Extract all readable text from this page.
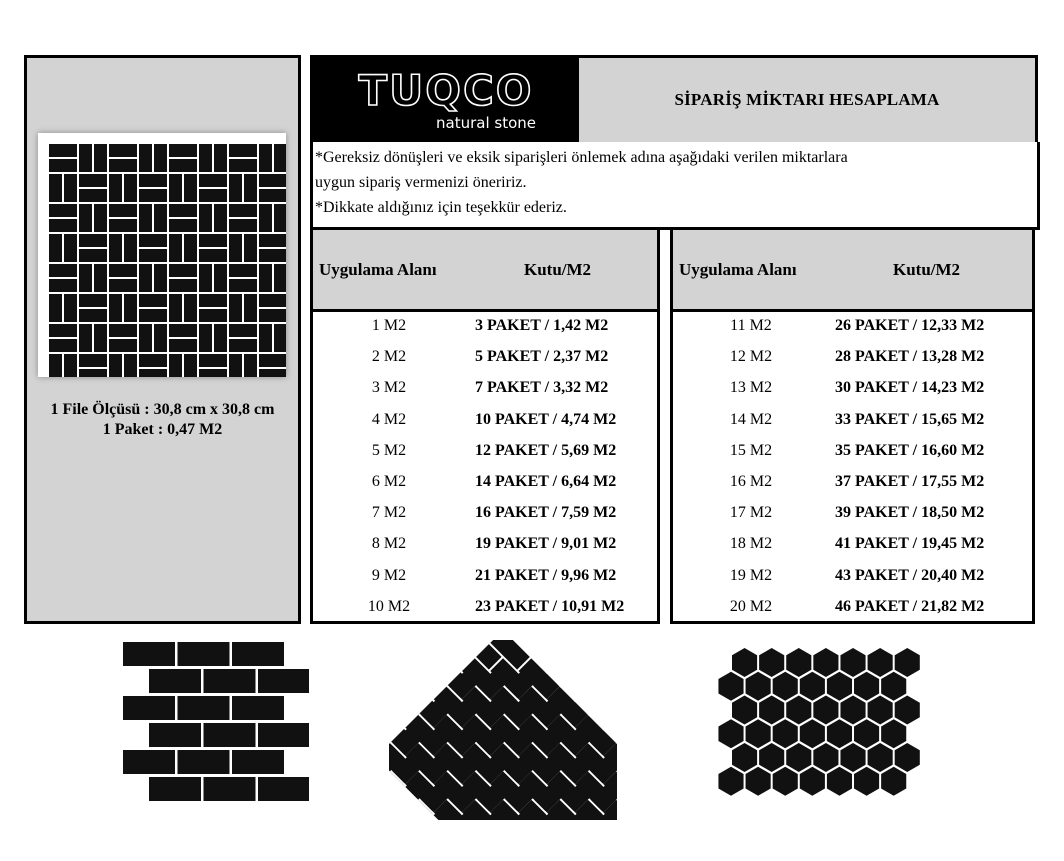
1 File Ölçüsü : 30,8 cm x 30,8 cm
1 Paket : 0,47 M2
TUQCO
natural stone
SİPARİŞ MİKTARI HESAPLAMA
*Gereksiz dönüşleri ve eksik siparişleri önlemek adına aşağıdaki verilen miktarlara
uygun sipariş vermenizi öneririz.
*Dikkate aldığınız için teşekkür ederiz.
Uygulama Alanı	Kutu/M2
1 M2	3 PAKET / 1,42 M2
2 M2	5 PAKET / 2,37 M2
3 M2	7 PAKET / 3,32 M2
4 M2	10 PAKET / 4,74 M2
5 M2	12 PAKET / 5,69 M2
6 M2	14 PAKET / 6,64 M2
7 M2	16 PAKET / 7,59 M2
8 M2	19 PAKET / 9,01 M2
9 M2	21 PAKET / 9,96 M2
10 M2	23 PAKET / 10,91 M2
Uygulama Alanı	Kutu/M2
11 M2	26 PAKET / 12,33 M2
12 M2	28 PAKET / 13,28 M2
13 M2	30 PAKET / 14,23 M2
14 M2	33 PAKET / 15,65 M2
15 M2	35 PAKET / 16,60 M2
16 M2	37 PAKET / 17,55 M2
17 M2	39 PAKET / 18,50 M2
18 M2	41 PAKET / 19,45 M2
19 M2	43 PAKET / 20,40 M2
20 M2	46 PAKET / 21,82 M2
